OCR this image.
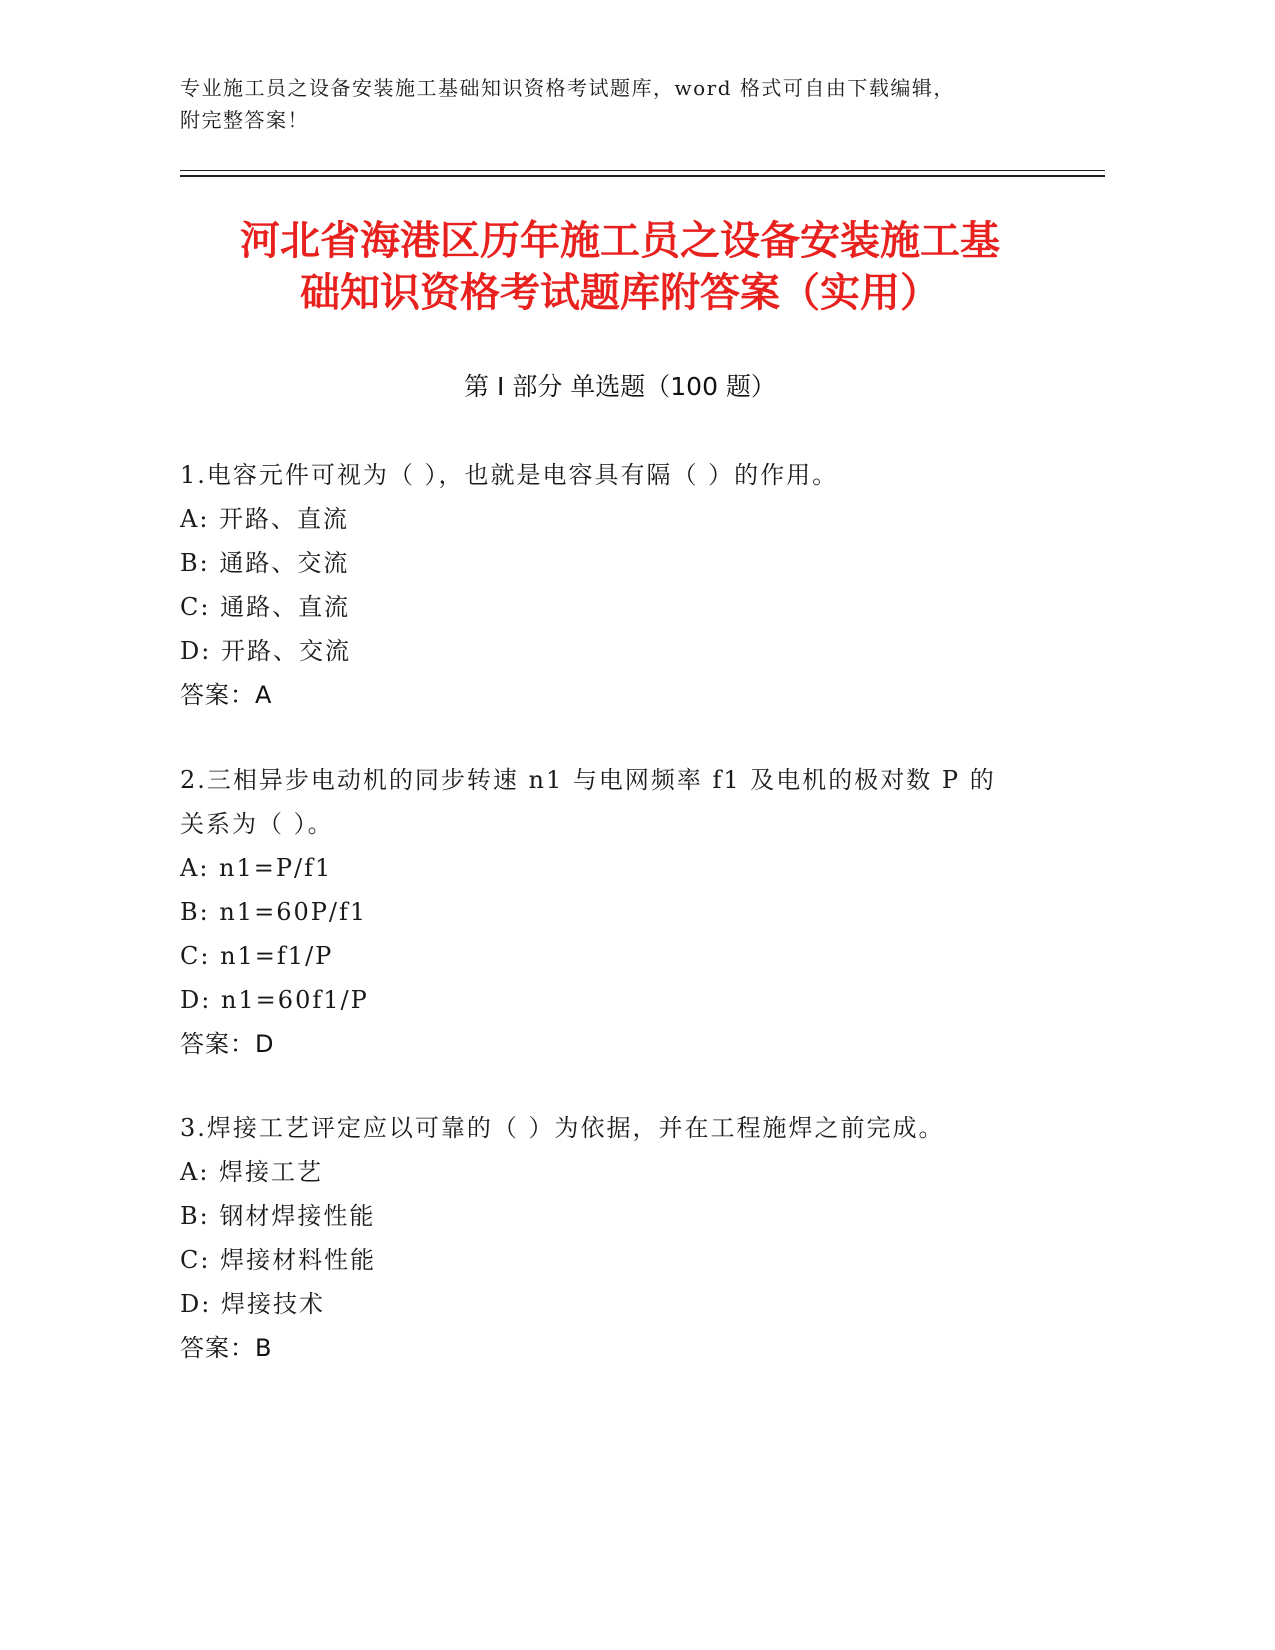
专业施工员之设备安装施工基础知识资格考试题库，word 格式可自由下载编辑，
附完整答案！
河北省海港区历年施工员之设备安装施工基
础知识资格考试题库附答案（实用）
第 I 部分 单选题（100 题）
1.电容元件可视为（ ），也就是电容具有隔（ ）的作用。
A: 开路、直流
B: 通路、交流
C: 通路、直流
D: 开路、交流
答案：A
2.三相异步电动机的同步转速 n1 与电网频率 f1 及电机的极对数 P 的
关系为（ ）。
A: n1=P/f1
B: n1=60P/f1
C: n1=f1/P
D: n1=60f1/P
答案：D
3.焊接工艺评定应以可靠的（ ）为依据，并在工程施焊之前完成。
A: 焊接工艺
B: 钢材焊接性能
C: 焊接材料性能
D: 焊接技术
答案：B
